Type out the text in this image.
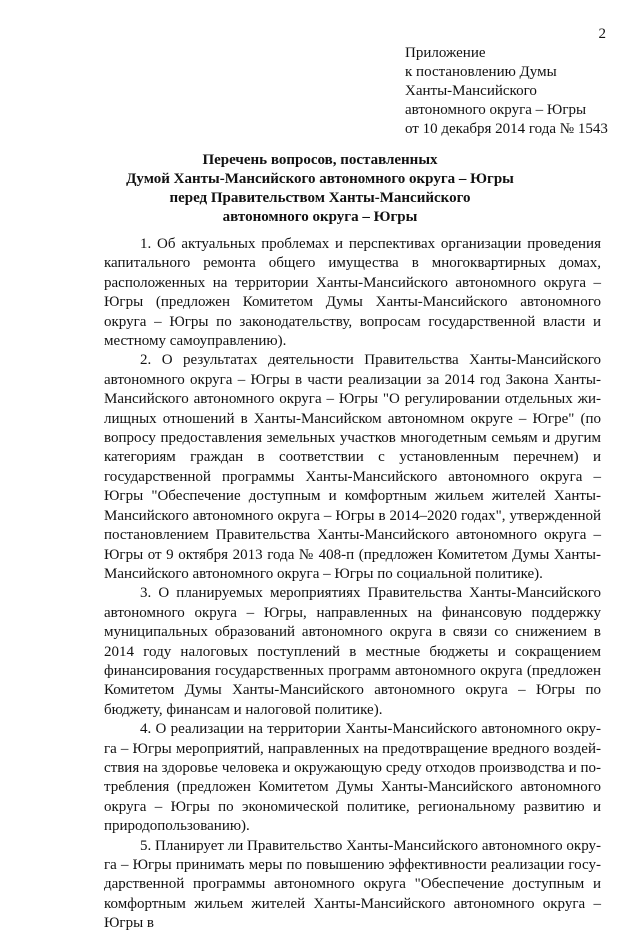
2
Приложение
к постановлению Думы
Ханты-Мансийского
автономного округа – Югры
от 10 декабря 2014 года № 1543
Перечень вопросов, поставленных
Думой Ханты-Мансийского автономного округа – Югры
перед Правительством Ханты-Мансийского
автономного округа – Югры

1. Об актуальных проблемах и перспективах организации проведения капитального ремонта общего имущества в многоквартирных домах, расположенных на территории Ханты-Мансийского автономного округа – Югры (предложен Комитетом Думы Ханты-Мансийского автономного округа – Югры по законодательству, вопросам государственной власти и местному самоуправлению).

2. О результатах деятельности Правительства Ханты-Мансийского автономного округа – Югры в части реализации за 2014 год Закона Ханты-Мансийского автономного округа – Югры "О регулировании отдельных жилищных отношений в Ханты-Мансийском автономном округе – Югре" (по вопросу предоставления земельных участков многодетным семьям и другим категориям граждан в соответствии с установленным перечнем) и государственной программы Ханты-Мансийского автономного округа – Югры "Обеспечение доступным и комфортным жильем жителей Ханты-Мансийского автономного округа – Югры в 2014–2020 годах", утвержденной постановлением Правительства Ханты-Мансийского автономного округа – Югры от 9 октября 2013 года № 408-п (предложен Комитетом Думы Ханты-Мансийского автономного округа – Югры по социальной политике).

3. О планируемых мероприятиях Правительства Ханты-Мансийского автономного округа – Югры, направленных на финансовую поддержку муниципальных образований автономного округа в связи со снижением в 2014 году налоговых поступлений в местные бюджеты и сокращением финансирования государственных программ автономного округа (предложен Комитетом Думы Ханты-Мансийского автономного округа – Югры по бюджету, финансам и налоговой политике).

4. О реализации на территории Ханты-Мансийского автономного округа – Югры мероприятий, направленных на предотвращение вредного воздействия на здоровье человека и окружающую среду отходов производства и потребления (предложен Комитетом Думы Ханты-Мансийского автономного округа – Югры по экономической политике, региональному развитию и природопользованию).

5. Планирует ли Правительство Ханты-Мансийского автономного округа – Югры принимать меры по повышению эффективности реализации государственной программы автономного округа "Обеспечение доступным и комфортным жильем жителей Ханты-Мансийского автономного округа – Югры в
